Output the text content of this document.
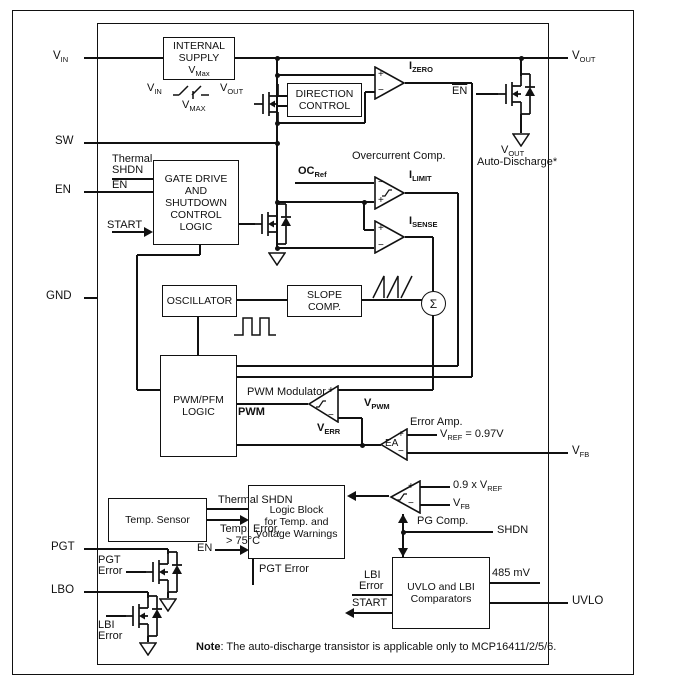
INTERNAL
SUPPLY
$V_{Max}$
DIRECTION
CONTROL
GATE DRIVE
AND
SHUTDOWN
CONTROL
LOGIC
OSCILLATOR	SLOPE
COMP.
PWM/PFM
LOGIC
Logic Block
for Temp. and
Voltage Warnings
Temp. Sensor
UVLO and LBI
Comparators
+
−
−
+
+
−
+
−
+
−
EA
+
−
Σ
$V_{IN}$
SW
EN
GND
PGT
LBO
$V_{OUT}$
$V_{FB}$
UVLO
$V_{IN}$	$V_{OUT}$
$V_{MAX}$
$I_{ZERO}$
$I_{LIMIT}$
$I_{SENSE}$
Overcurrent Comp.
$OC_{Ref}$
$\overline{EN}$
$V_{OUT}$
Auto-Discharge*
Thermal
SHDN
EN
START
PWM Modulator
$V_{PWM}$
PWM
$V_{ERR}$
Error Amp.
$V_{REF} = 0.97V$
0.9 x $V_{REF}$
$V_{FB}$
PG Comp.
SHDN
Thermal SHDN
Temp. Error,
> 75°C
EN
PGT Error	LBI
Error
START
485 mV
PGT
Error
LBI
Error
Note: The auto-discharge transistor is applicable only to MCP16411/2/5/6.
